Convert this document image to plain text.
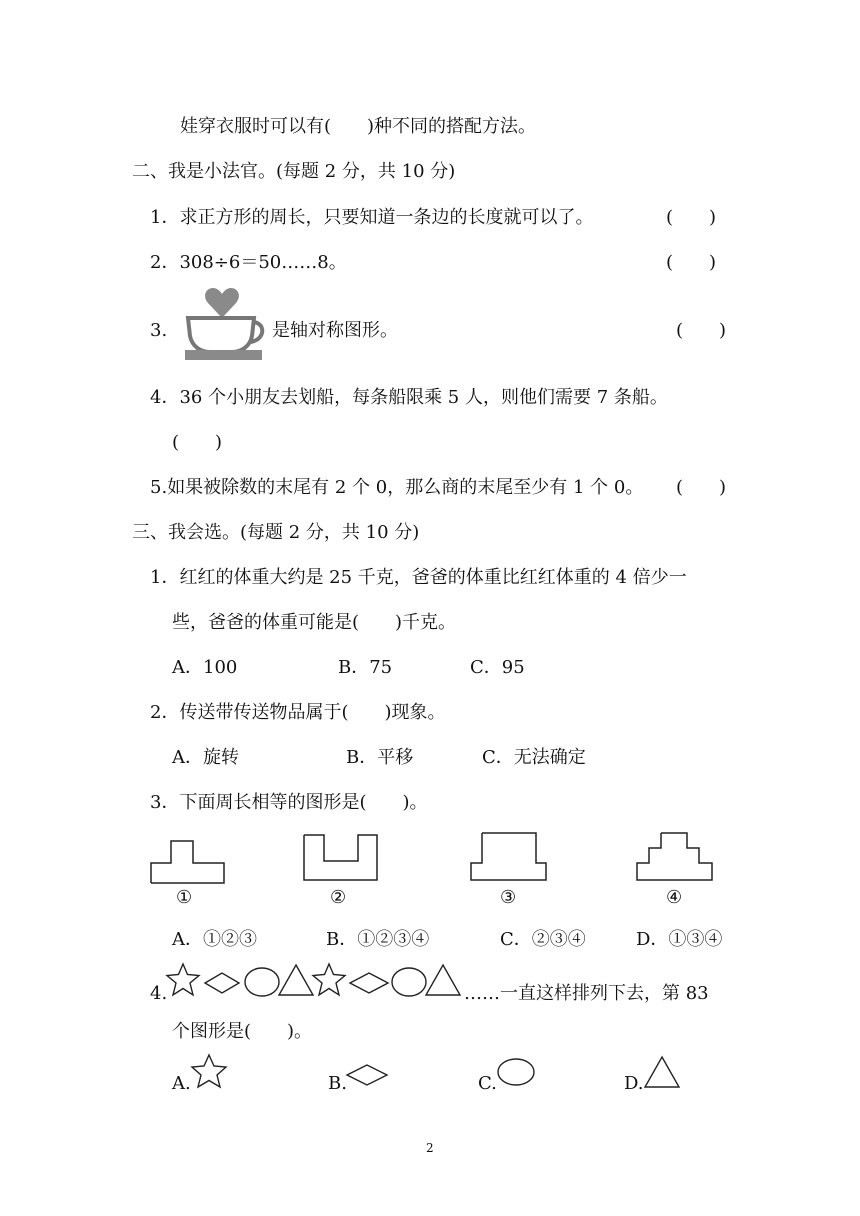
娃穿衣服时可以有(　　)种不同的搭配方法。
二、我是小法官。(每题 2 分，共 10 分)
1．求正方形的周长，只要知道一条边的长度就可以了。	(　　)
2．308÷6＝50……8。	(　　)
3.	是轴对称图形。	(　　)
4．36 个小朋友去划船，每条船限乘 5 人，则他们需要 7 条船。
(　　)
5.如果被除数的末尾有 2 个 0，那么商的末尾至少有 1 个 0。 (　　)
三、我会选。(每题 2 分，共 10 分)
1．红红的体重大约是 25 千克，爸爸的体重比红红体重的 4 倍少一
些，爸爸的体重可能是(　　)千克。
A．100	B．75	C．95
2．传送带传送物品属于(　　)现象。
A．旋转	B．平移	C．无法确定
3．下面周长相等的图形是(　　)。
①	②	③	④
A．①②③	B．①②③④	C．②③④	D．①③④
4.	……一直这样排列下去，第 83
个图形是(　　)。
A.	B.	C.	D.
2
